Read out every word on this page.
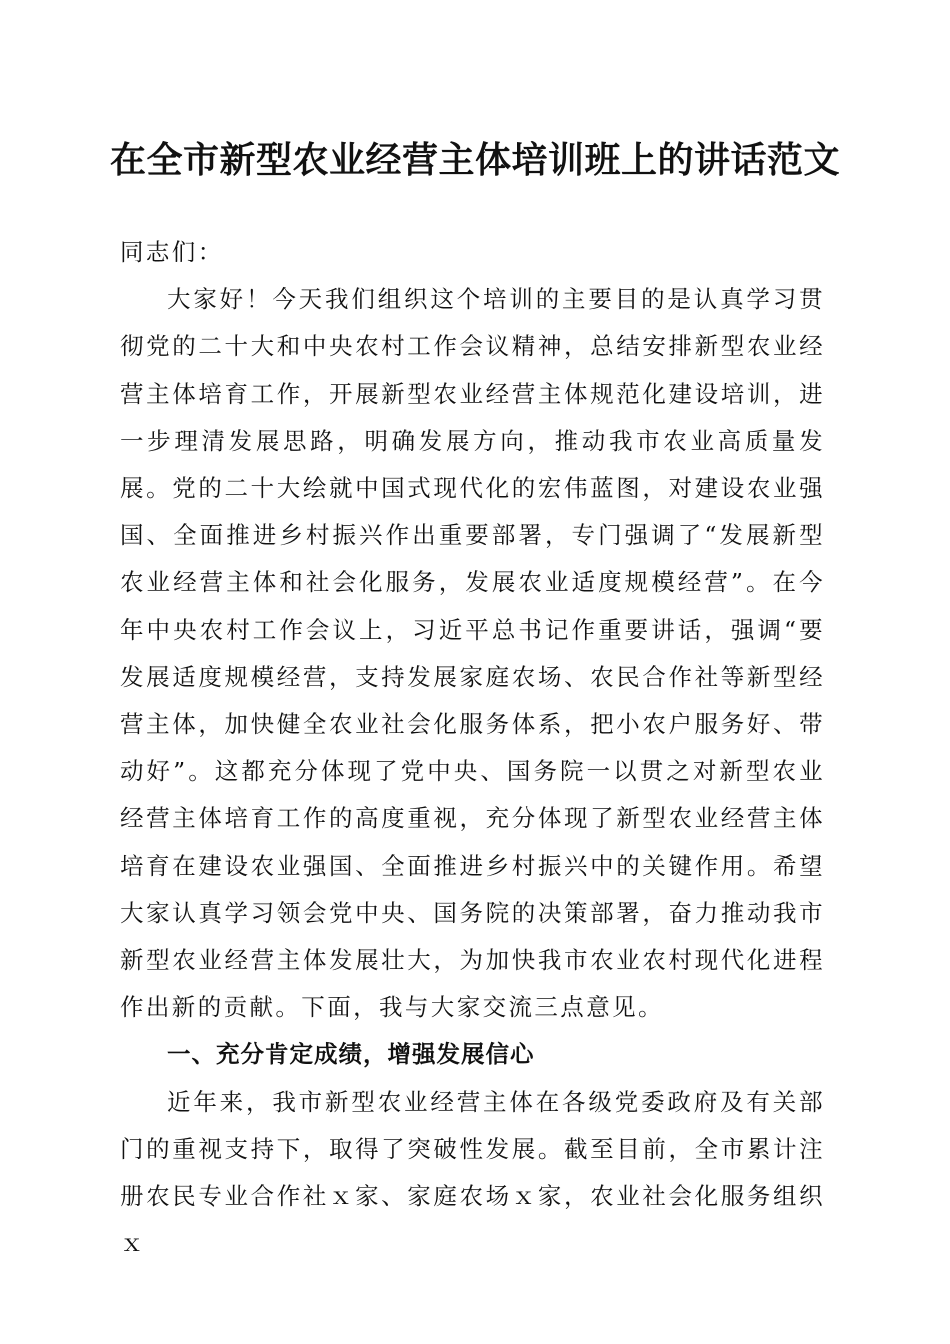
在全市新型农业经营主体培训班上的讲话范文

同志们：

大家好！今天我们组织这个培训的主要目的是认真学习贯彻党的二十大和中央农村工作会议精神，总结安排新型农业经营主体培育工作，开展新型农业经营主体规范化建设培训，进一步理清发展思路，明确发展方向，推动我市农业高质量发展。党的二十大绘就中国式现代化的宏伟蓝图，对建设农业强国、全面推进乡村振兴作出重要部署，专门强调了“发展新型农业经营主体和社会化服务，发展农业适度规模经营”。在今年中央农村工作会议上，习近平总书记作重要讲话，强调“要发展适度规模经营，支持发展家庭农场、农民合作社等新型经营主体，加快健全农业社会化服务体系，把小农户服务好、带动好”。这都充分体现了党中央、国务院一以贯之对新型农业经营主体培育工作的高度重视，充分体现了新型农业经营主体培育在建设农业强国、全面推进乡村振兴中的关键作用。希望大家认真学习领会党中央、国务院的决策部署，奋力推动我市新型农业经营主体发展壮大，为加快我市农业农村现代化进程作出新的贡献。下面，我与大家交流三点意见。

一、充分肯定成绩，增强发展信心

近年来，我市新型农业经营主体在各级党委政府及有关部门的重视支持下，取得了突破性发展。截至目前，全市累计注册农民专业合作社ｘ家、家庭农场ｘ家，农业社会化服务组织ｘ
